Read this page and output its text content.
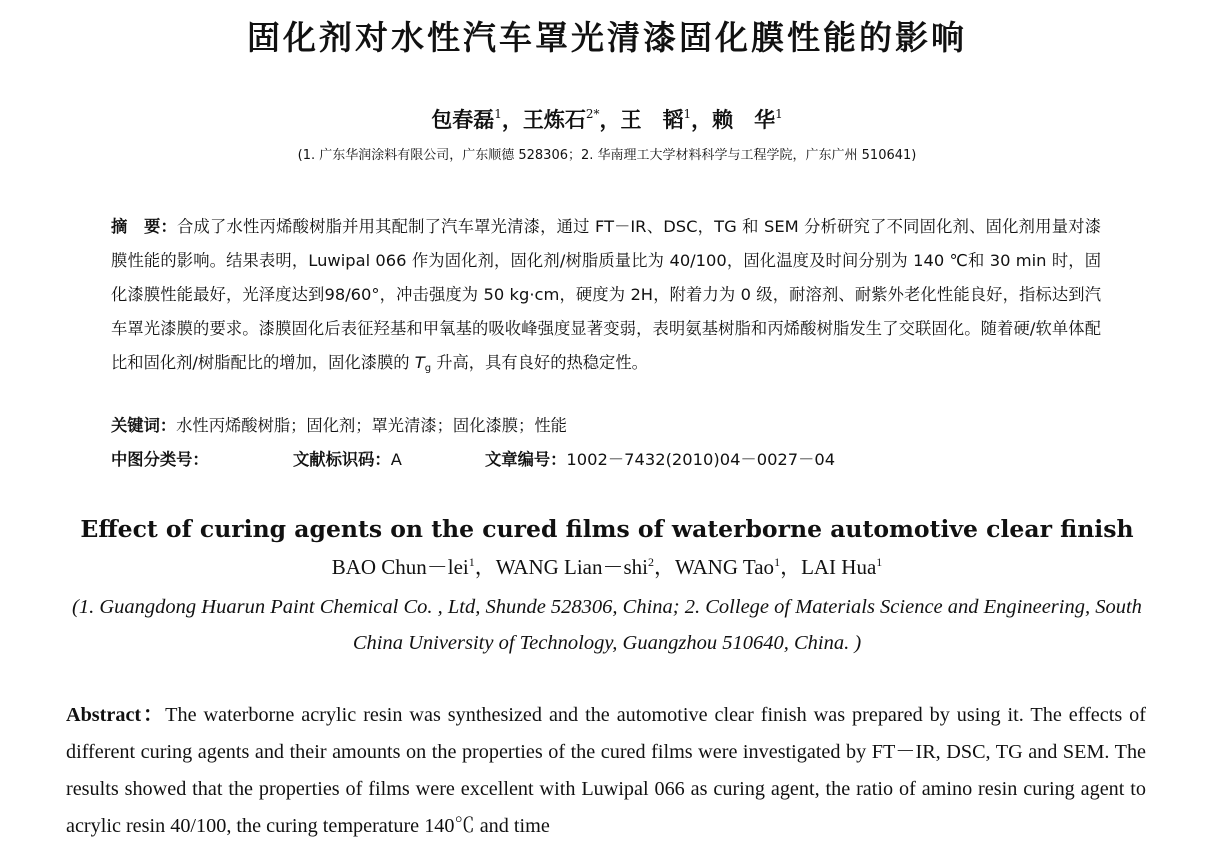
固化剂对水性汽车罩光清漆固化膜性能的影响
包春磊$^1$，王炼石$^{2*}$，王　韬$^1$，赖　华$^1$
(1. 广东华润涂料有限公司，广东顺德 528306；2. 华南理工大学材料科学与工程学院，广东广州 510641)
摘　要：合成了水性丙烯酸树脂并用其配制了汽车罩光清漆，通过 FT－IR、DSC，TG 和 SEM 分析研究了不同固化剂、固化剂用量对漆膜性能的影响。结果表明，Luwipal 066 作为固化剂，固化剂/树脂质量比为 40/100，固化温度及时间分别为 140 ℃和 30 min 时，固化漆膜性能最好，光泽度达到98/60°，冲击强度为 50 kg·cm，硬度为 2H，附着力为 0 级，耐溶剂、耐紫外老化性能良好，指标达到汽车罩光漆膜的要求。漆膜固化后表征羟基和甲氧基的吸收峰强度显著变弱，表明氨基树脂和丙烯酸树脂发生了交联固化。随着硬/软单体配比和固化剂/树脂配比的增加，固化漆膜的 $T_g$ 升高，具有良好的热稳定性。
关键词：水性丙烯酸树脂；固化剂；罩光清漆；固化漆膜；性能
中图分类号：	文献标识码：A	文章编号：1002－7432(2010)04－0027－04
Effect of curing agents on the cured films of waterborne automotive clear finish
BAO Chun－lei$^1$，WANG Lian－shi$^2$，WANG Tao$^1$，LAI Hua$^1$
(1. Guangdong Huarun Paint Chemical Co. , Ltd, Shunde 528306, China; 2. College of Materials Science and Engineering, South China University of Technology, Guangzhou 510640, China. )
Abstract：The waterborne acrylic resin was synthesized and the automotive clear finish was prepared by using it. The effects of different curing agents and their amounts on the properties of the cured films were investigated by FT－IR, DSC, TG and SEM. The results showed that the properties of films were excellent with Luwipal 066 as curing agent, the ratio of amino resin curing agent to acrylic resin 40/100, the curing temperature 140℃ and time
